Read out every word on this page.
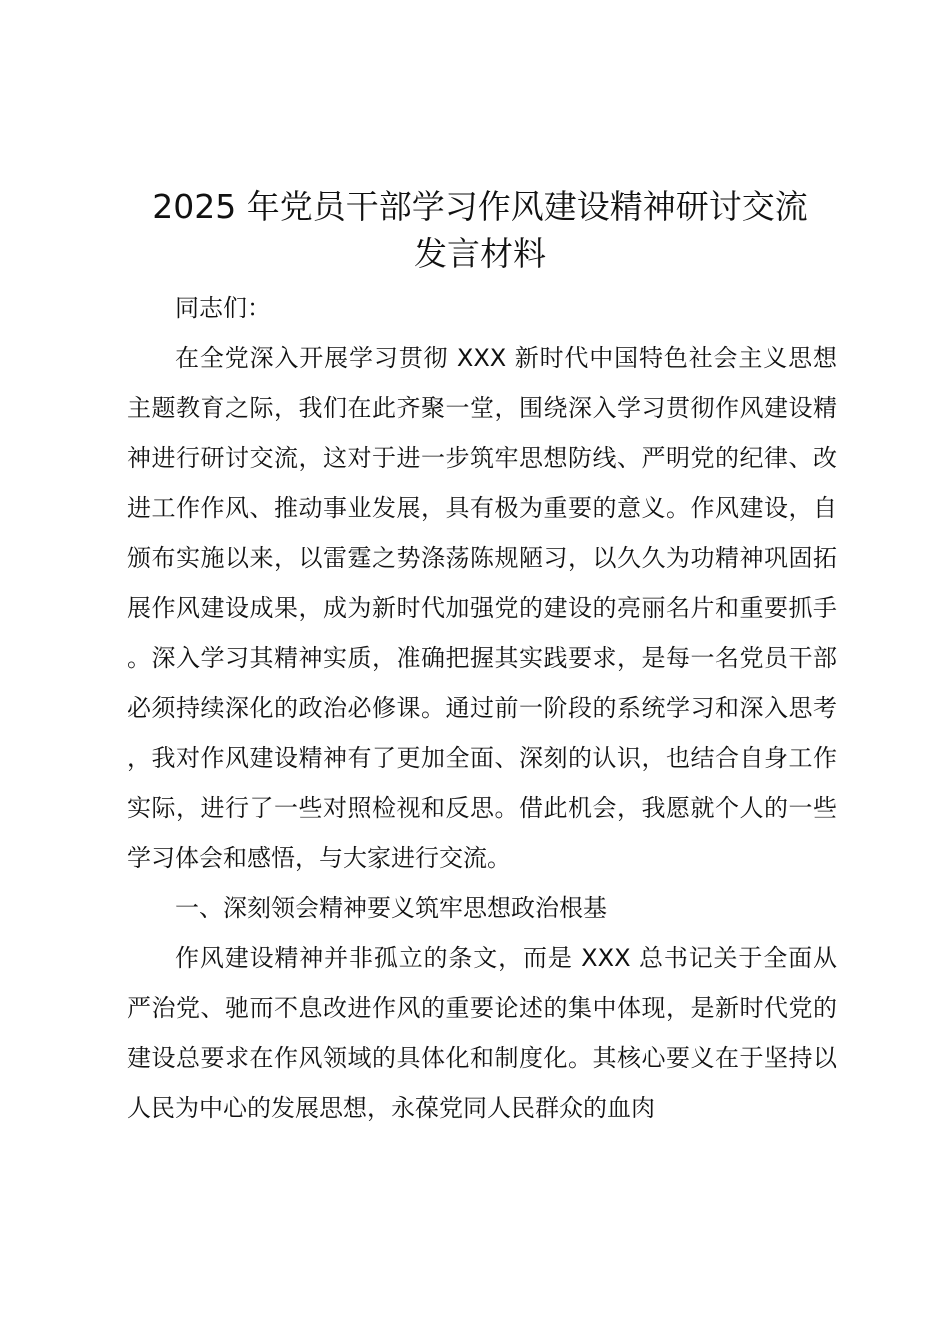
2025 年党员干部学习作风建设精神研讨交流
发言材料

同志们：

在全党深入开展学习贯彻 XXX 新时代中国特色社会主义思想主题教育之际，我们在此齐聚一堂，围绕深入学习贯彻作风建设精神进行研讨交流，这对于进一步筑牢思想防线、严明党的纪律、改进工作作风、推动事业发展，具有极为重要的意义。作风建设，自颁布实施以来，以雷霆之势涤荡陈规陋习，以久久为功精神巩固拓展作风建设成果，成为新时代加强党的建设的亮丽名片和重要抓手。深入学习其精神实质，准确把握其实践要求，是每一名党员干部必须持续深化的政治必修课。通过前一阶段的系统学习和深入思考，我对作风建设精神有了更加全面、深刻的认识，也结合自身工作实际，进行了一些对照检视和反思。借此机会，我愿就个人的一些学习体会和感悟，与大家进行交流。

一、深刻领会精神要义筑牢思想政治根基

作风建设精神并非孤立的条文，而是 XXX 总书记关于全面从严治党、驰而不息改进作风的重要论述的集中体现，是新时代党的建设总要求在作风领域的具体化和制度化。其核心要义在于坚持以人民为中心的发展思想，永葆党同人民群众的血肉
